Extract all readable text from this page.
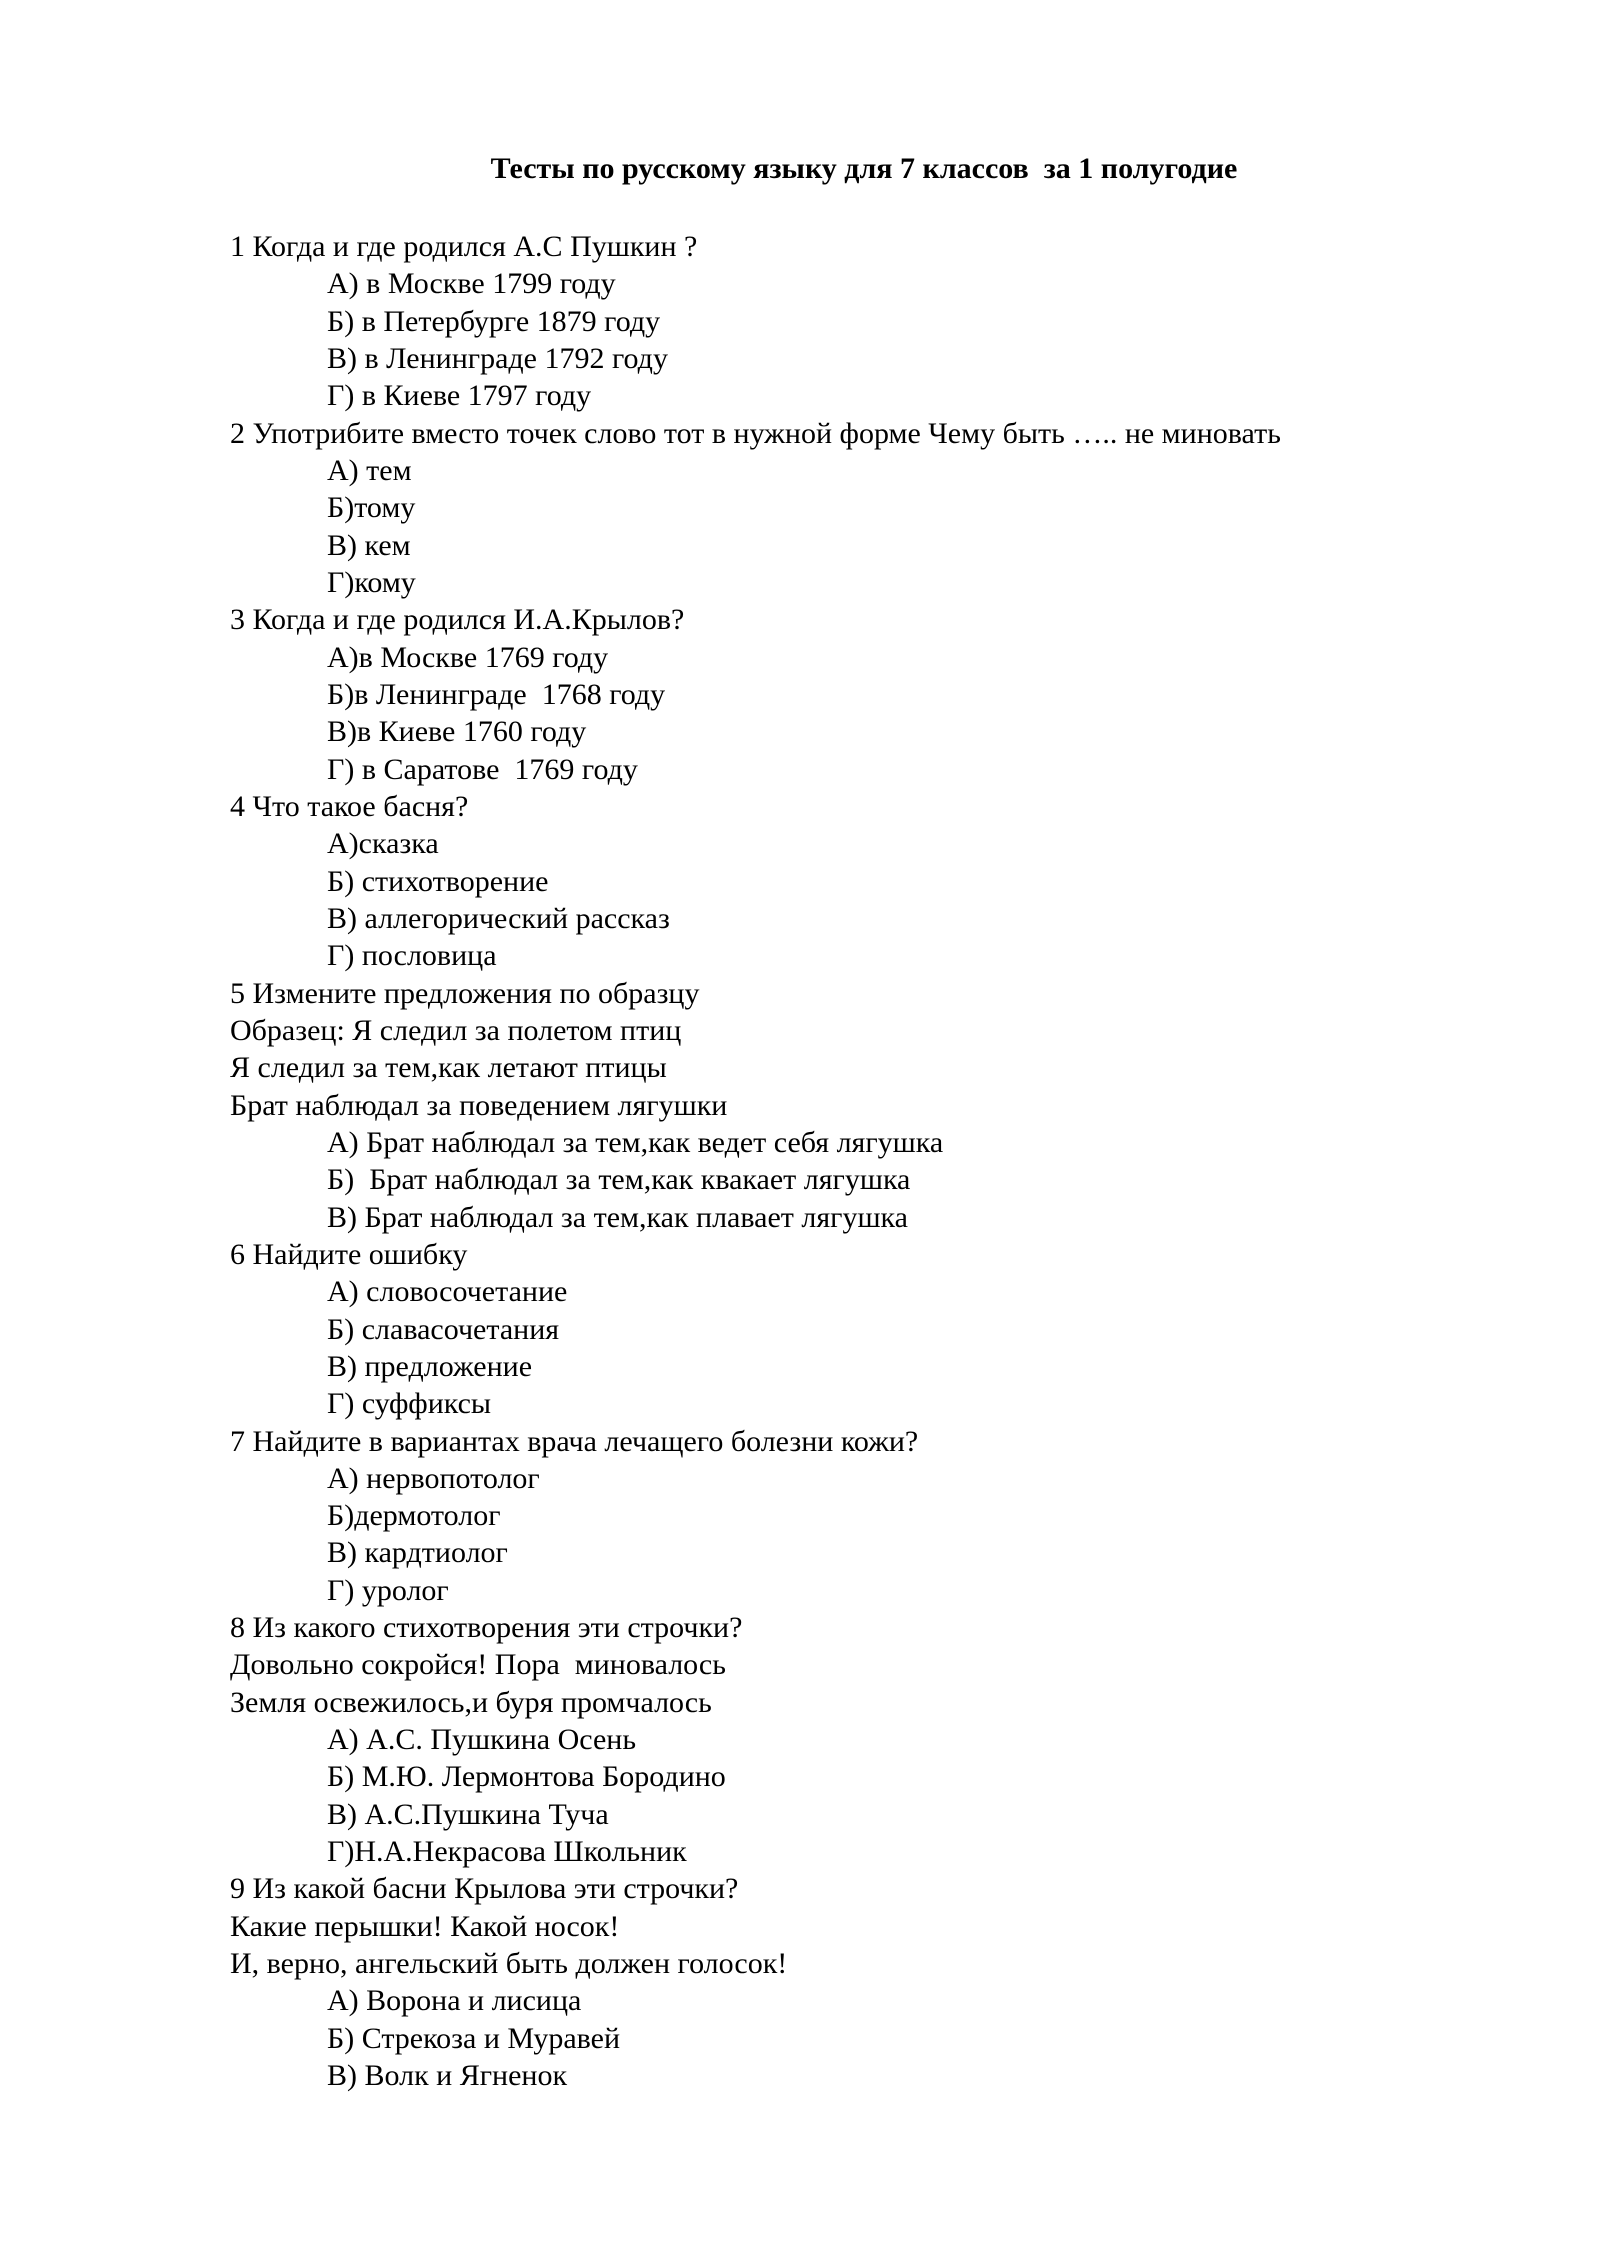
Тесты по русскому языку для 7 классов  за 1 полугодие
1 Когда и где родился А.С Пушкин ?
А) в Москве 1799 году
Б) в Петербурге 1879 году
В) в Ленинграде 1792 году
Г) в Киеве 1797 году
2 Употрибите вместо точек слово тот в нужной форме Чему быть ….. не миновать
А) тем
Б)тому
В) кем
Г)кому
3 Когда и где родился И.А.Крылов?
А)в Москве 1769 году
Б)в Ленинграде  1768 году
В)в Киеве 1760 году
Г) в Саратове  1769 году
4 Что такое басня?
А)сказка
Б) стихотворение
В) аллегорический рассказ
Г) пословица
5 Измените предложения по образцу
Образец: Я следил за полетом птиц
Я следил за тем,как летают птицы
Брат наблюдал за поведением лягушки
А) Брат наблюдал за тем,как ведет себя лягушка
Б)  Брат наблюдал за тем,как квакает лягушка
В) Брат наблюдал за тем,как плавает лягушка
6 Найдите ошибку
А) словосочетание
Б) славасочетания
В) предложение
Г) суффиксы
7 Найдите в вариантах врача лечащего болезни кожи?
А) нервопотолог
Б)дермотолог
В) кардтиолог
Г) уролог
8 Из какого стихотворения эти строчки?
Довольно сокройся! Пора  миновалось
Земля освежилось,и буря промчалось
А) А.С. Пушкина Осень
Б) М.Ю. Лермонтова Бородино
В) А.С.Пушкина Туча
Г)Н.А.Некрасова Школьник
9 Из какой басни Крылова эти строчки?
Какие перышки! Какой носок!
И, верно, ангельский быть должен голосок!
А) Ворона и лисица
Б) Стрекоза и Муравей
В) Волк и Ягненок
